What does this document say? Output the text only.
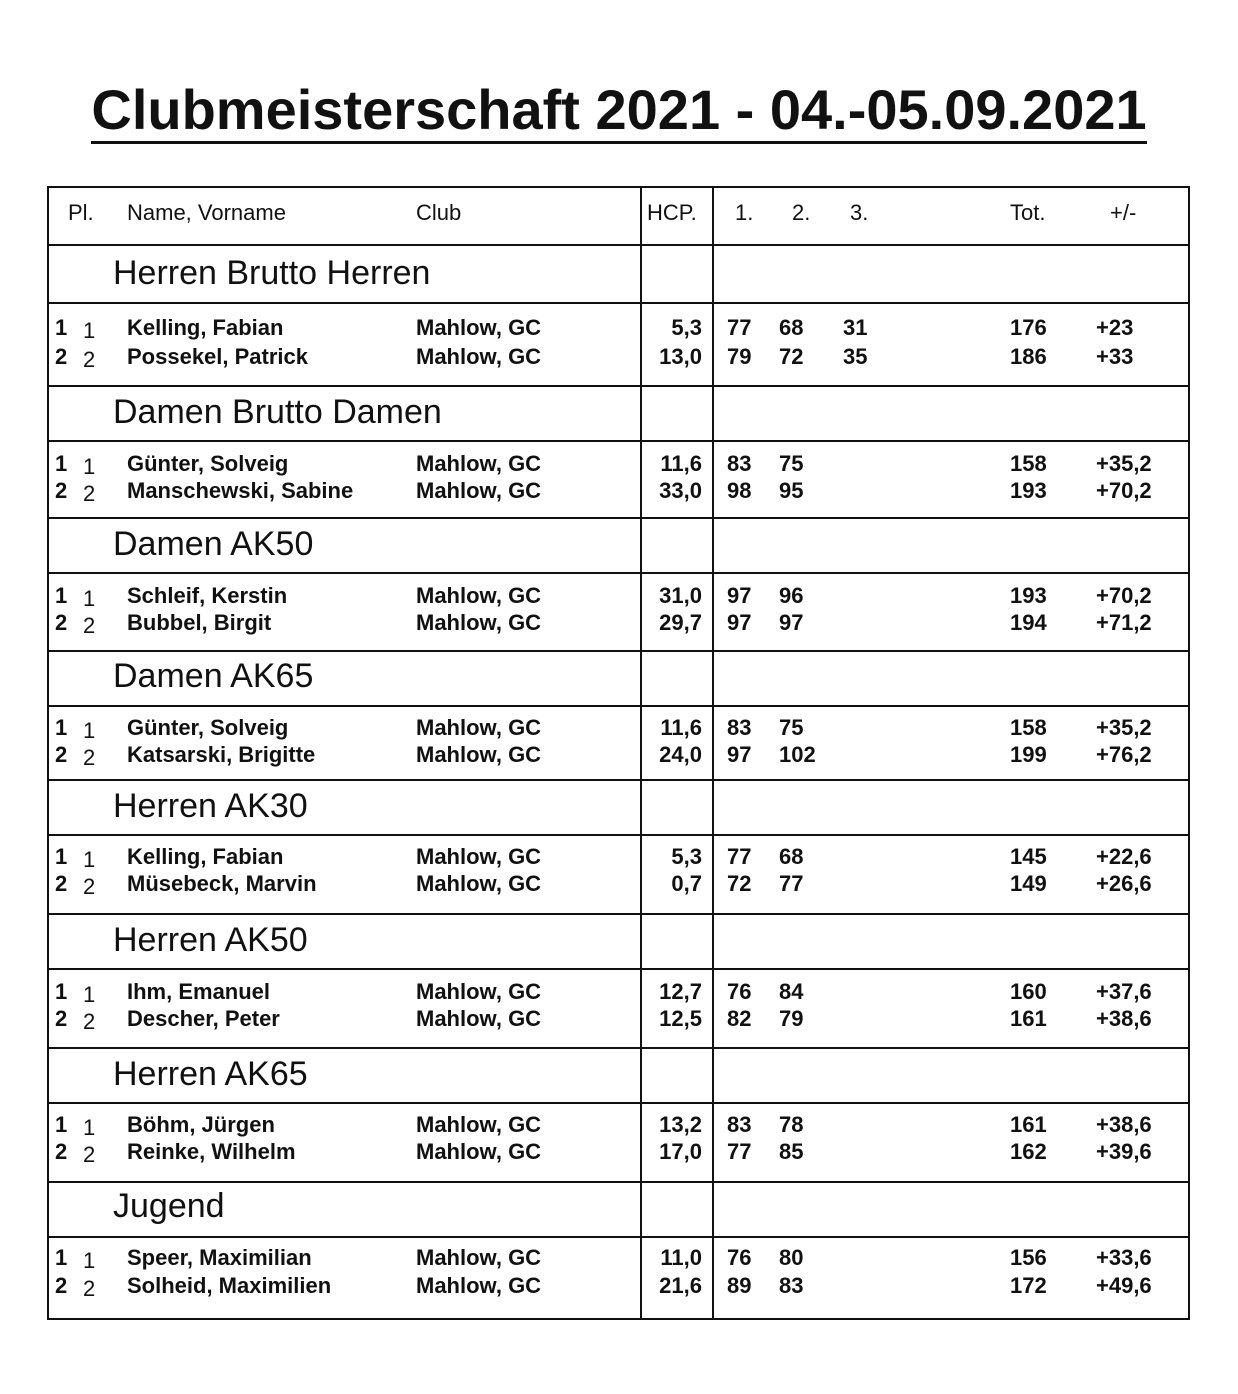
Clubmeisterschaft 2021 - 04.-05.09.2021
Pl. Name, Vorname	Club	HCP. 1. 2. 3.	Tot.	+/-
Herren Brutto Herren
1 1 Kelling, Fabian	Mahlow, GC	5,3 77 68 31	176 +23
2 2 Possekel, Patrick	Mahlow, GC	13,0 79 72 35	186 +33
Damen Brutto Damen
1 1 Günter, Solveig	Mahlow, GC	11,6 83 75	158 +35,2
2 2 Manschewski, Sabine	Mahlow, GC	33,0 98 95	193 +70,2
Damen AK50
1 1 Schleif, Kerstin	Mahlow, GC	31,0 97 96	193 +70,2
2 2 Bubbel, Birgit	Mahlow, GC	29,7 97 97	194 +71,2
Damen AK65
1 1 Günter, Solveig	Mahlow, GC	11,6 83 75	158 +35,2
2 2 Katsarski, Brigitte	Mahlow, GC	24,0 97 102	199 +76,2
Herren AK30
1 1 Kelling, Fabian	Mahlow, GC	5,3 77 68	145 +22,6
2 2 Müsebeck, Marvin	Mahlow, GC	0,7 72 77	149 +26,6
Herren AK50
1 1 Ihm, Emanuel	Mahlow, GC	12,7 76 84	160 +37,6
2 2 Descher, Peter	Mahlow, GC	12,5 82 79	161 +38,6
Herren AK65
1 1 Böhm, Jürgen	Mahlow, GC	13,2 83 78	161 +38,6
2 2 Reinke, Wilhelm	Mahlow, GC	17,0 77 85	162 +39,6
Jugend
1 1 Speer, Maximilian	Mahlow, GC	11,0 76 80	156 +33,6
2 2 Solheid, Maximilien	Mahlow, GC	21,6 89 83	172 +49,6
